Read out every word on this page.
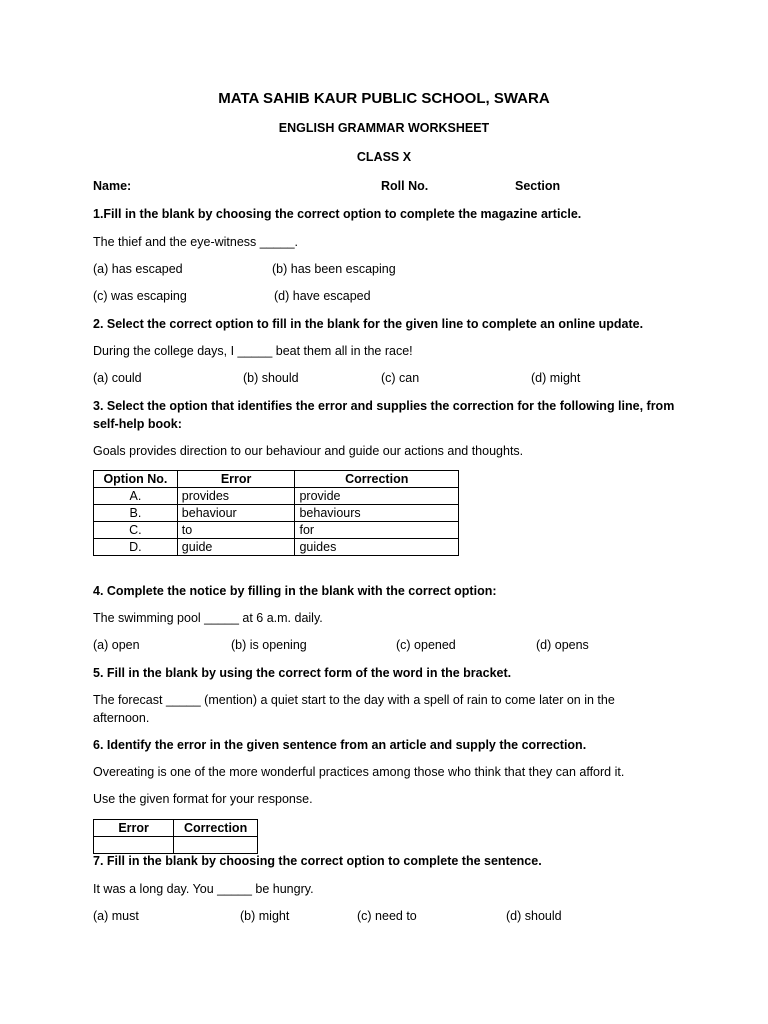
MATA SAHIB KAUR PUBLIC SCHOOL, SWARA
ENGLISH GRAMMAR WORKSHEET
CLASS X
Name:	Roll No.	Section
1.Fill in the blank by choosing the correct option to complete the magazine article.
The thief and the eye-witness _____.
(a) has escaped	(b) has been escaping
(c) was escaping	(d) have escaped
2. Select the correct option to fill in the blank for the given line to complete an online update.
During the college days, I _____ beat them all in the race!
(a) could	(b) should	(c) can	(d) might
3. Select the option that identifies the error and supplies the correction for the following line, from
self-help book:
Goals provides direction to our behaviour and guide our actions and thoughts.
Option No.	Error	Correction
A.	provides	provide
B.	behaviour	behaviours
C.	to	for
D.	guide	guides
4. Complete the notice by filling in the blank with the correct option:
The swimming pool _____ at 6 a.m. daily.
(a) open	(b) is opening	(c) opened	(d) opens
5. Fill in the blank by using the correct form of the word in the bracket.
The forecast _____ (mention) a quiet start to the day with a spell of rain to come later on in the
afternoon.
6. Identify the error in the given sentence from an article and supply the correction.
Overeating is one of the more wonderful practices among those who think that they can afford it.
Use the given format for your response.
Error	Correction

7. Fill in the blank by choosing the correct option to complete the sentence.
It was a long day. You _____ be hungry.
(a) must	(b) might	(c) need to	(d) should
